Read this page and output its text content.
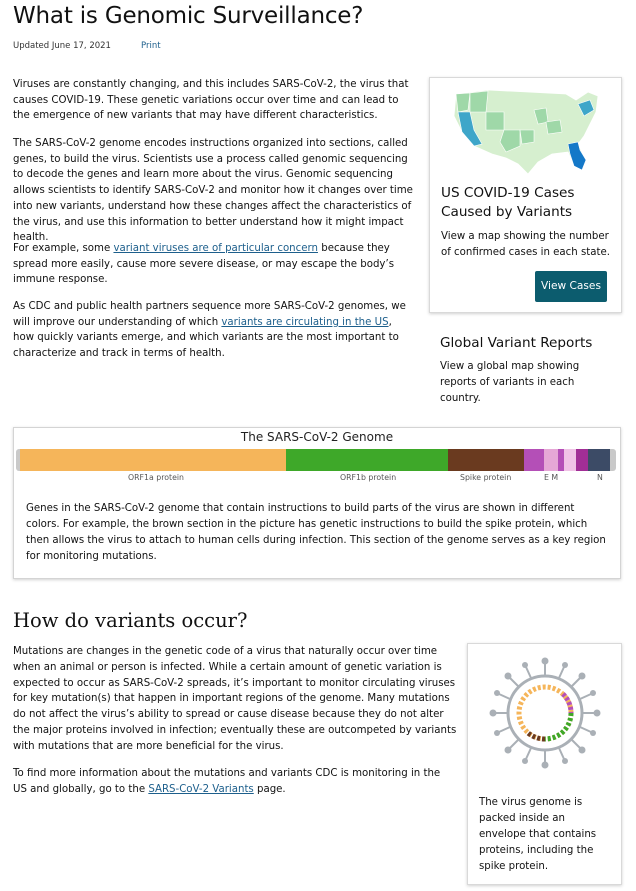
What is Genomic Surveillance?
Updated June 17, 2021	Print
Viruses are constantly changing, and this includes SARS-CoV-2, the virus that causes COVID-19. These genetic variations occur over time and can lead to the emergence of new variants that may have different characteristics.
The SARS-CoV-2 genome encodes instructions organized into sections, called genes, to build the virus. Scientists use a process called genomic sequencing to decode the genes and learn more about the virus. Genomic sequencing allows scientists to identify SARS-CoV-2 and monitor how it changes over time into new variants, understand how these changes affect the characteristics of the virus, and use this information to better understand how it might impact health.
For example, some variant viruses are of particular concern because they spread more easily, cause more severe disease, or may escape the body’s immune response.
As CDC and public health partners sequence more SARS-CoV-2 genomes, we will improve our understanding of which variants are circulating in the US, how quickly variants emerge, and which variants are the most important to characterize and track in terms of health.
US COVID-19 Cases Caused by Variants
View a map showing the number of confirmed cases in each state.
View Cases
Global Variant Reports
View a global map showing reports of variants in each country.
The SARS-CoV-2 Genome
ORF1a protein	ORF1b protein	Spike protein	E M	N
Genes in the SARS-CoV-2 genome that contain instructions to build parts of the virus are shown in different colors. For example, the brown section in the picture has genetic instructions to build the spike protein, which then allows the virus to attach to human cells during infection. This section of the genome serves as a key region for monitoring mutations.
How do variants occur?
Mutations are changes in the genetic code of a virus that naturally occur over time when an animal or person is infected. While a certain amount of genetic variation is expected to occur as SARS-CoV-2 spreads, it’s important to monitor circulating viruses for key mutation(s) that happen in important regions of the genome. Many mutations do not affect the virus’s ability to spread or cause disease because they do not alter the major proteins involved in infection; eventually these are outcompeted by variants with mutations that are more beneficial for the virus.
To find more information about the mutations and variants CDC is monitoring in the US and globally, go to the SARS-CoV-2 Variants page.
The virus genome is packed inside an envelope that contains proteins, including the spike protein.
